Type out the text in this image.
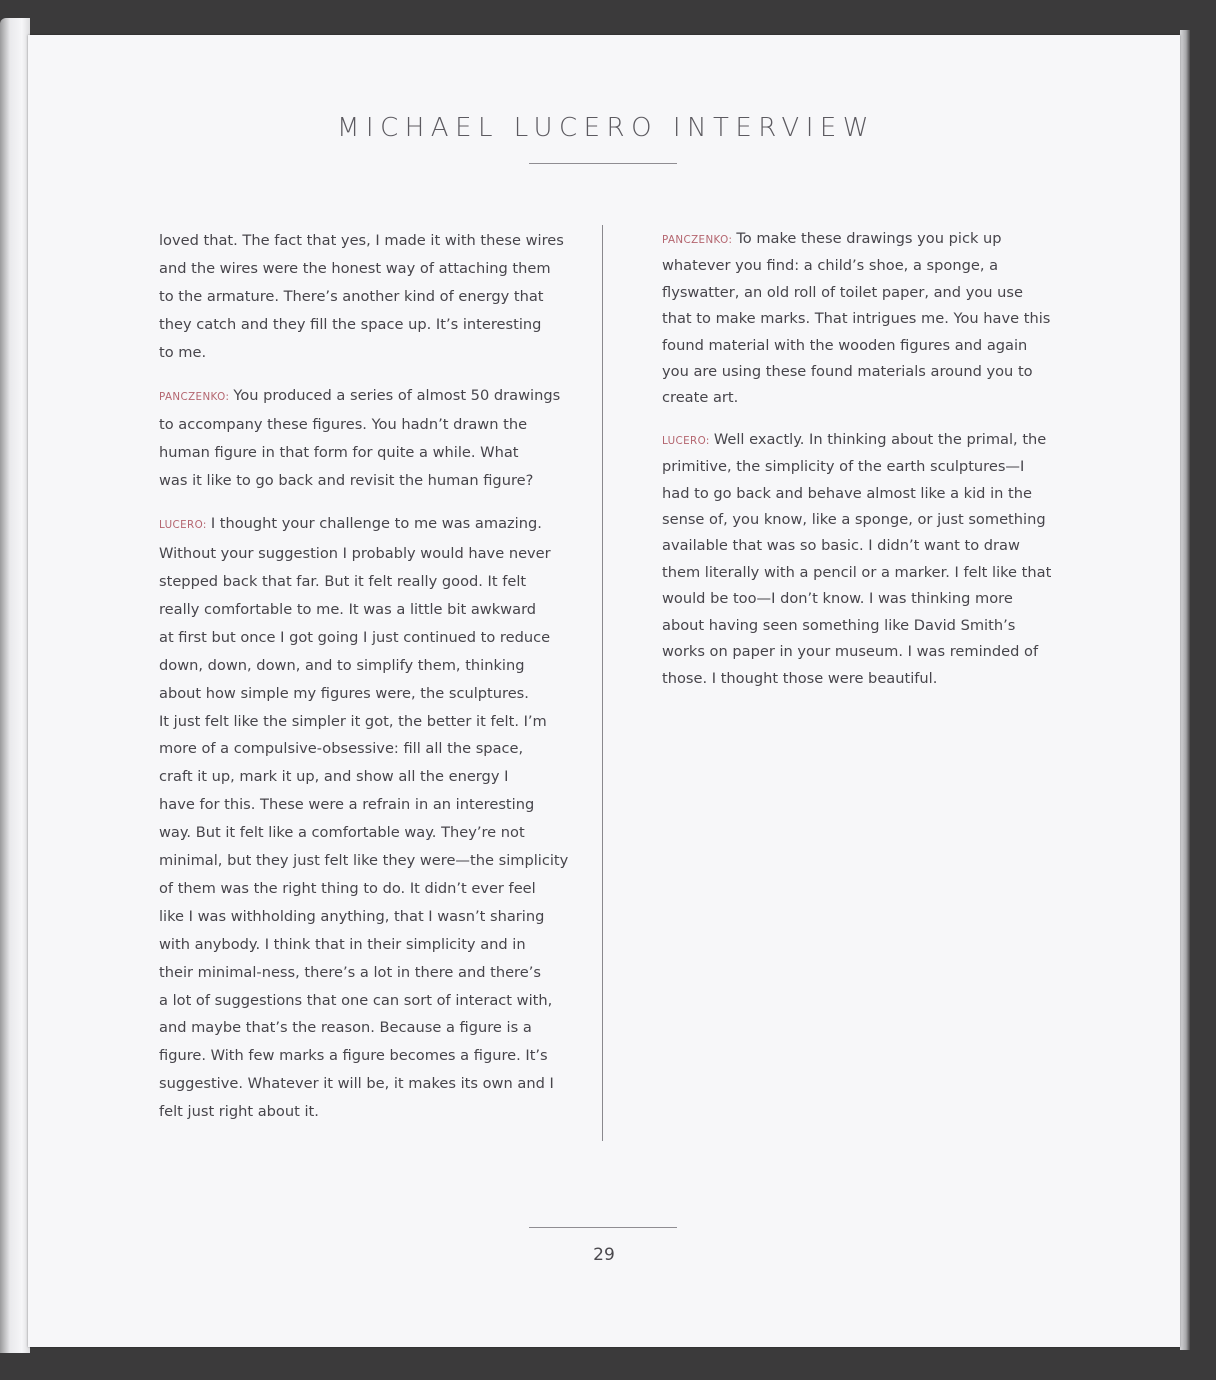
MICHAEL LUCERO INTERVIEW
loved that. The fact that yes, I made it with these wires
and the wires were the honest way of attaching them
to the armature. There’s another kind of energy that
they catch and they fill the space up. It’s interesting
to me.
PANCZENKO: You produced a series of almost 50 drawings
to accompany these figures. You hadn’t drawn the
human figure in that form for quite a while. What
was it like to go back and revisit the human figure?
LUCERO: I thought your challenge to me was amazing.
Without your suggestion I probably would have never
stepped back that far. But it felt really good. It felt
really comfortable to me. It was a little bit awkward
at first but once I got going I just continued to reduce
down, down, down, and to simplify them, thinking
about how simple my figures were, the sculptures.
It just felt like the simpler it got, the better it felt. I’m
more of a compulsive-obsessive: fill all the space,
craft it up, mark it up, and show all the energy I
have for this. These were a refrain in an interesting
way. But it felt like a comfortable way. They’re not
minimal, but they just felt like they were—the simplicity
of them was the right thing to do. It didn’t ever feel
like I was withholding anything, that I wasn’t sharing
with anybody. I think that in their simplicity and in
their minimal-ness, there’s a lot in there and there’s
a lot of suggestions that one can sort of interact with,
and maybe that’s the reason. Because a figure is a
figure. With few marks a figure becomes a figure. It’s
suggestive. Whatever it will be, it makes its own and I
felt just right about it.
PANCZENKO: To make these drawings you pick up
whatever you find: a child’s shoe, a sponge, a
flyswatter, an old roll of toilet paper, and you use
that to make marks. That intrigues me. You have this
found material with the wooden figures and again
you are using these found materials around you to
create art.
LUCERO: Well exactly. In thinking about the primal, the
primitive, the simplicity of the earth sculptures—I
had to go back and behave almost like a kid in the
sense of, you know, like a sponge, or just something
available that was so basic. I didn’t want to draw
them literally with a pencil or a marker. I felt like that
would be too—I don’t know. I was thinking more
about having seen something like David Smith’s
works on paper in your museum. I was reminded of
those. I thought those were beautiful.
29
